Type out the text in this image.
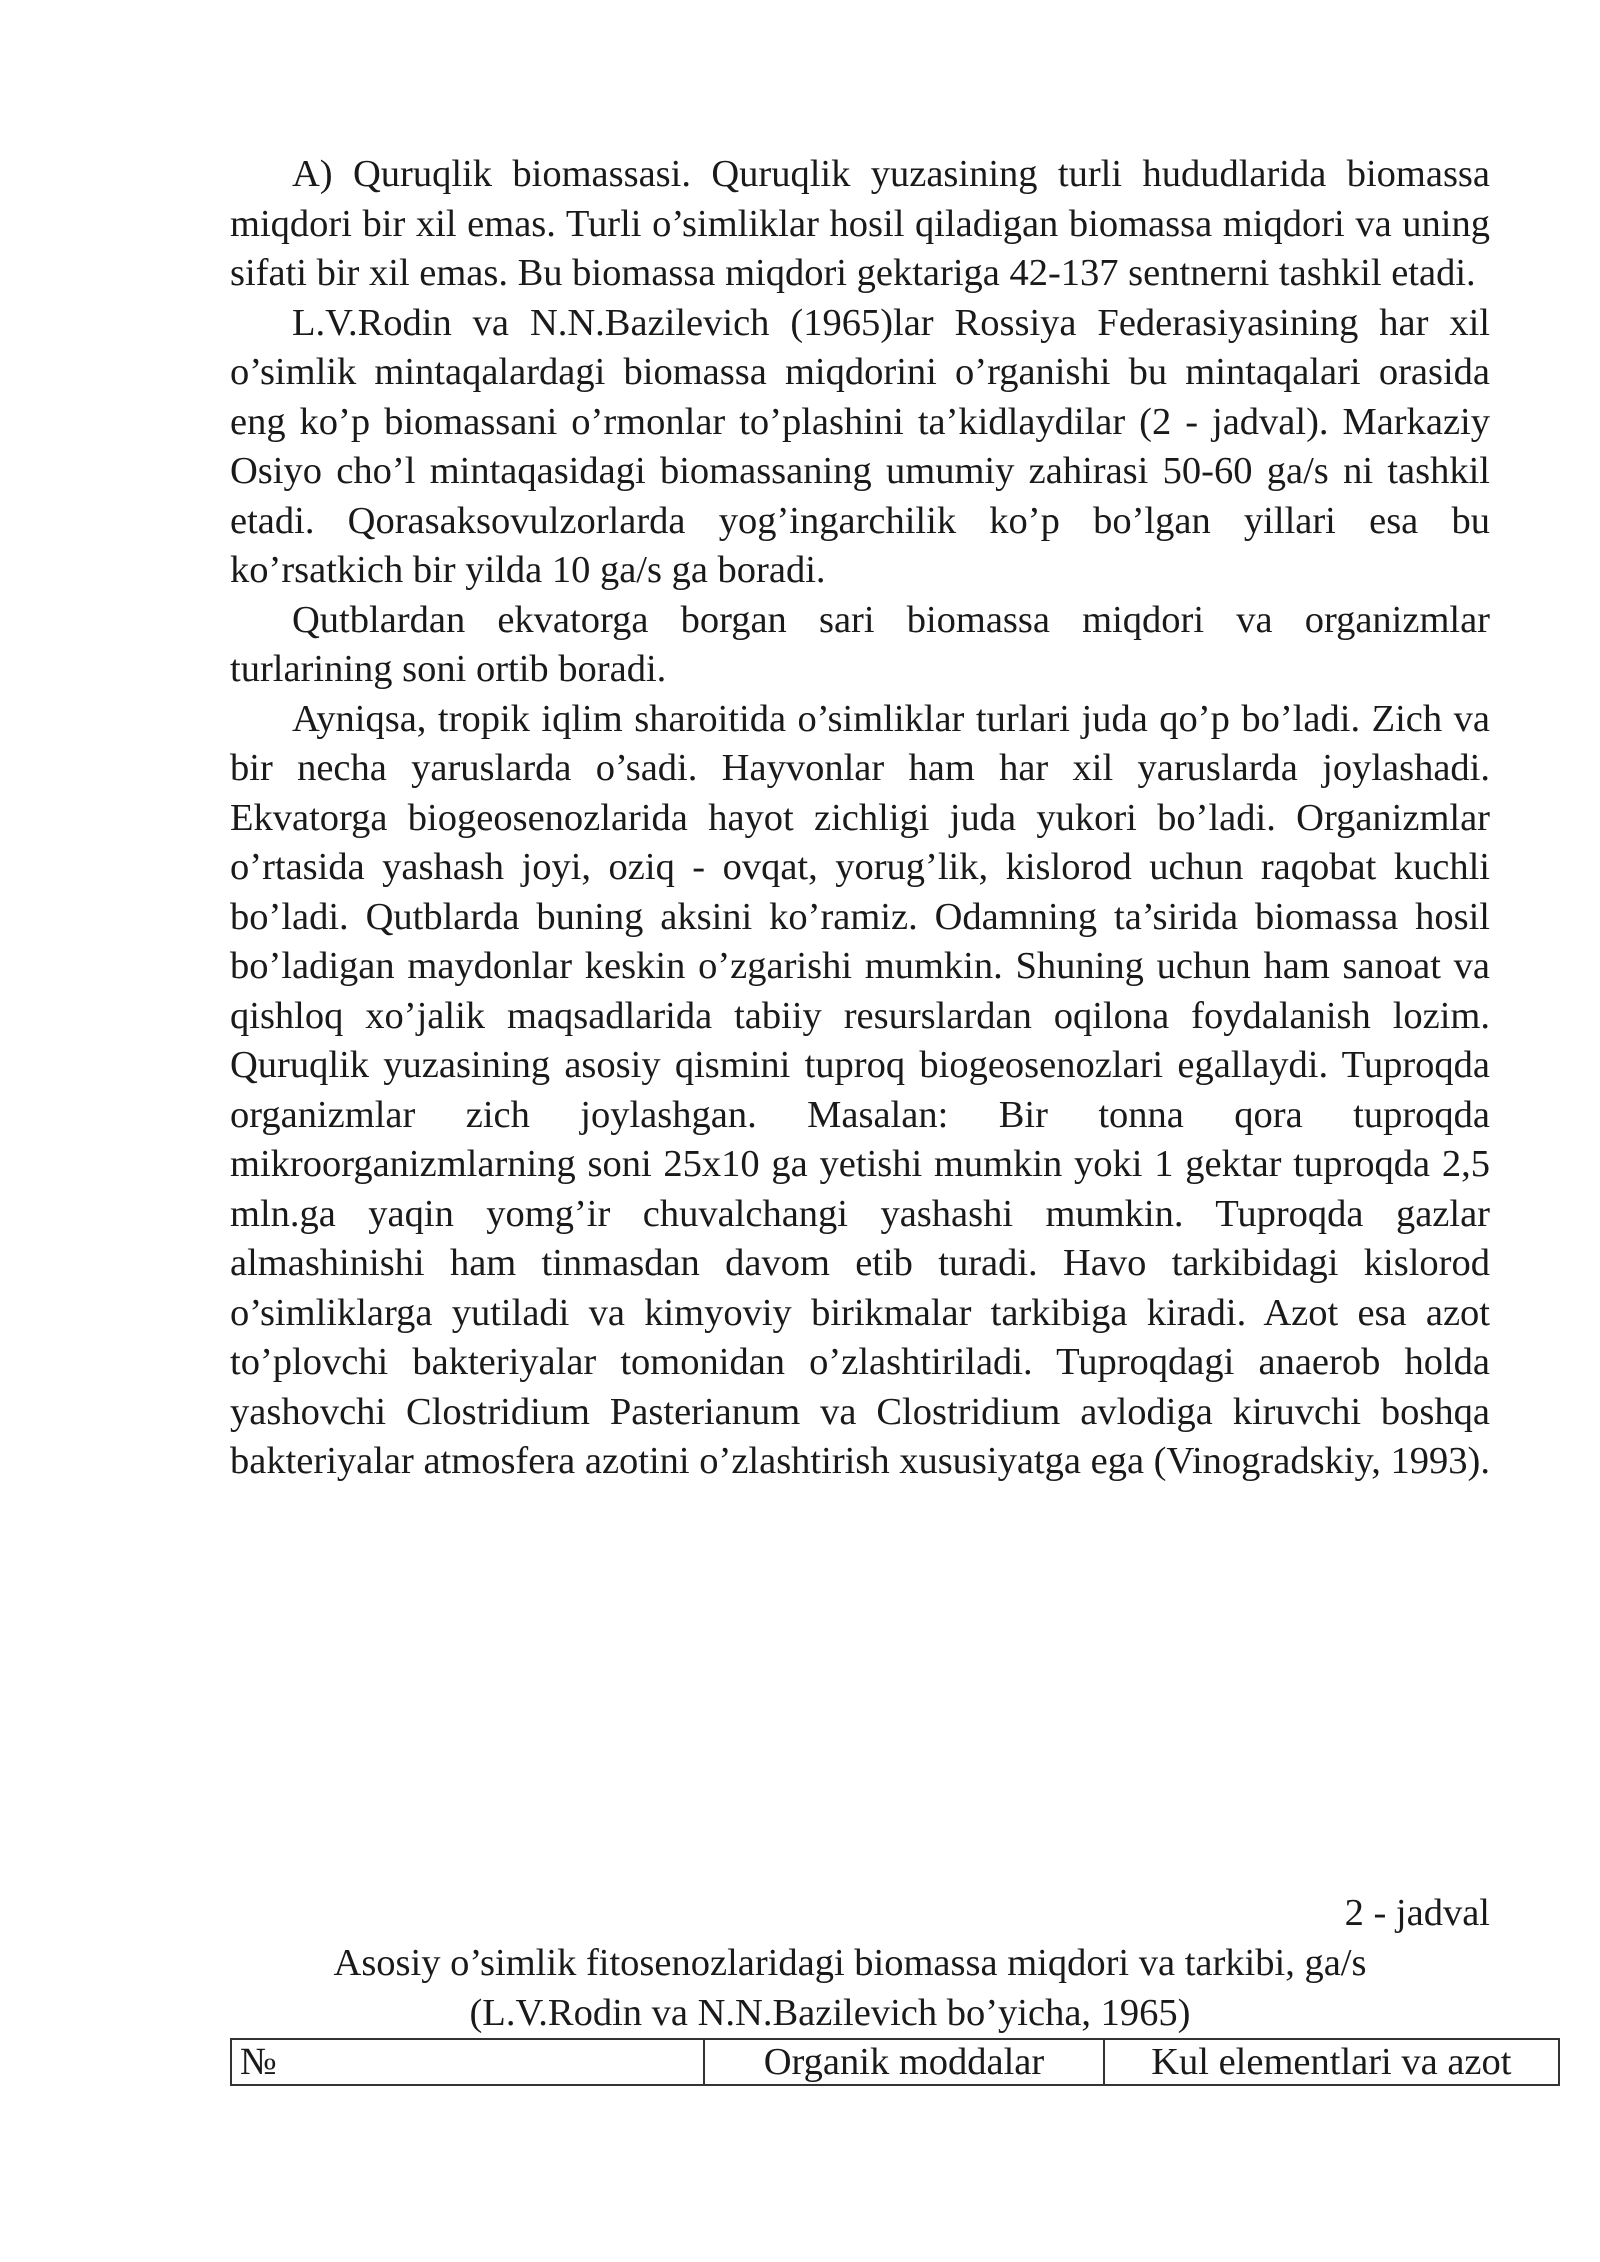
A) Quruqlik biomassasi. Quruqlik yuzasining turli hududlarida biomassa miqdori bir xil emas. Turli o’simliklar hosil qiladigan biomassa miqdori va uning sifati bir xil emas. Bu biomassa miqdori gektariga 42-137 sentnerni tashkil etadi.

L.V.Rodin va N.N.Bazilevich (1965)lar Rossiya Federasiyasining har xil o’simlik mintaqalardagi biomassa miqdorini o’rganishi bu mintaqalari orasida eng ko’p biomassani o’rmonlar to’plashini ta’kidlaydilar (2 - jadval). Markaziy Osiyo cho’l mintaqasidagi biomassaning umumiy zahirasi 50-60 ga/s ni tashkil etadi. Qorasaksovulzorlarda yog’ingarchilik ko’p bo’lgan yillari esa bu ko’rsatkich bir yilda 10 ga/s ga boradi.

Qutblardan ekvatorga borgan sari biomassa miqdori va organizmlar turlarining soni ortib boradi.

Ayniqsa, tropik iqlim sharoitida o’simliklar turlari juda qo’p bo’ladi. Zich va bir necha yaruslarda o’sadi. Hayvonlar ham har xil yaruslarda joylashadi. Ekvatorga biogeosenozlarida hayot zichligi juda yukori bo’ladi. Organizmlar o’rtasida yashash joyi, oziq - ovqat, yorug’lik, kislorod uchun raqobat kuchli bo’ladi. Qutblarda buning aksini ko’ramiz. Odamning ta’sirida biomassa hosil bo’ladigan maydonlar keskin o’zgarishi mumkin. Shuning uchun ham sanoat va qishloq xo’jalik maqsadlarida tabiiy resurslardan oqilona foydalanish lozim. Quruqlik yuzasining asosiy qismini tuproq biogeosenozlari egallaydi. Tuproqda organizmlar zich joylashgan. Masalan: Bir tonna qora tuproqda mikroorganizmlarning soni 25x10 ga yetishi mumkin yoki 1 gektar tuproqda 2,5 mln.ga yaqin yomg’ir chuvalchangi yashashi mumkin. Tuproqda gazlar almashinishi ham tinmasdan davom etib turadi. Havo tarkibidagi kislorod o’simliklarga yutiladi va kimyoviy birikmalar tarkibiga kiradi. Azot esa azot to’plovchi bakteriyalar tomonidan o’zlashtiriladi. Tuproqdagi anaerob holda yashovchi Clostridium Pasterianum va Clostridium avlodiga kiruvchi boshqa bakteriyalar atmosfera azotini o’zlashtirish xususiyatga ega (Vinogradskiy, 1993).

2 - jadval

Asosiy o’simlik fitosenozlaridagi biomassa miqdori va tarkibi, ga/s
(L.V.Rodin va N.N.Bazilevich bo’yicha, 1965)

№	Organik moddalar	Kul elementlari va azot
